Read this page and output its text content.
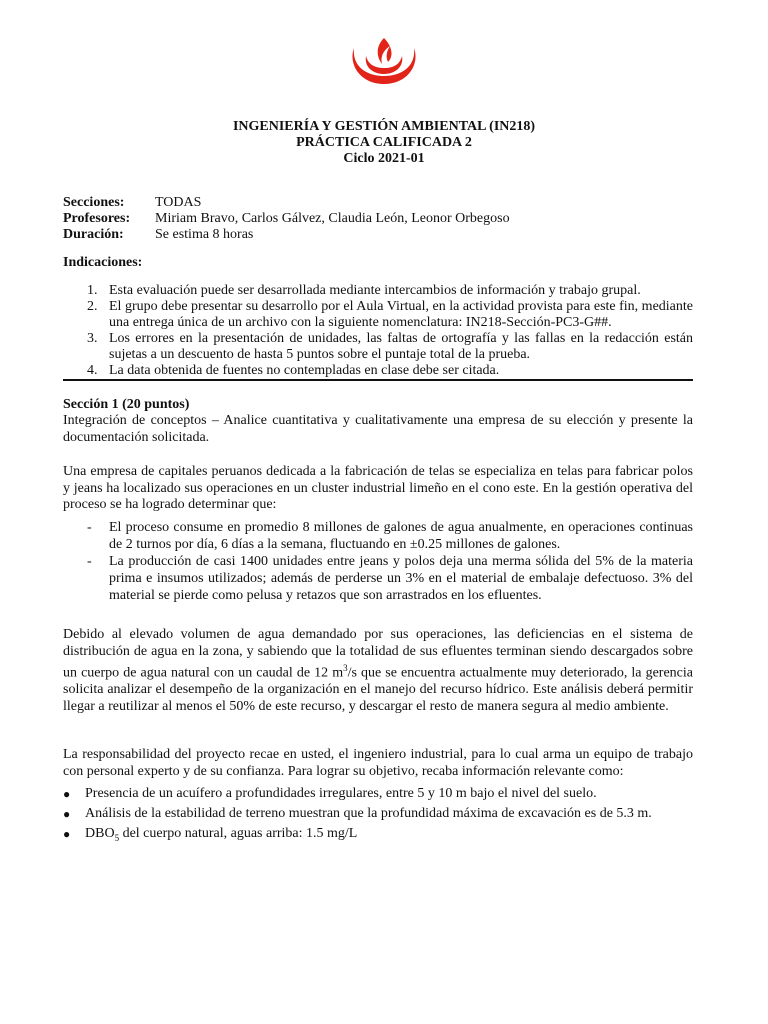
INGENIERÍA Y GESTIÓN AMBIENTAL (IN218)
PRÁCTICA CALIFICADA 2
Ciclo 2021-01
Secciones: TODAS
Profesores: Miriam Bravo, Carlos Gálvez, Claudia León, Leonor Orbegoso
Duración: Se estima 8 horas
Indicaciones:
1. Esta evaluación puede ser desarrollada mediante intercambios de información y trabajo grupal.
2. El grupo debe presentar su desarrollo por el Aula Virtual, en la actividad provista para este fin, mediante una entrega única de un archivo con la siguiente nomenclatura: IN218-Sección-PC3-G##.
3. Los errores en la presentación de unidades, las faltas de ortografía y las fallas en la redacción están sujetas a un descuento de hasta 5 puntos sobre el puntaje total de la prueba.
4. La data obtenida de fuentes no contempladas en clase debe ser citada.
Sección 1 (20 puntos)

Integración de conceptos – Analice cuantitativa y cualitativamente una empresa de su elección y presente la documentación solicitada.

Una empresa de capitales peruanos dedicada a la fabricación de telas se especializa en telas para fabricar polos y jeans ha localizado sus operaciones en un cluster industrial limeño en el cono este. En la gestión operativa del proceso se ha logrado determinar que:

- El proceso consume en promedio 8 millones de galones de agua anualmente, en operaciones continuas de 2 turnos por día, 6 días a la semana, fluctuando en ±0.25 millones de galones.
- La producción de casi 1400 unidades entre jeans y polos deja una merma sólida del 5% de la materia prima e insumos utilizados; además de perderse un 3% en el material de embalaje defectuoso. 3% del material se pierde como pelusa y retazos que son arrastrados en los efluentes.

Debido al elevado volumen de agua demandado por sus operaciones, las deficiencias en el sistema de distribución de agua en la zona, y sabiendo que la totalidad de sus efluentes terminan siendo descargados sobre un cuerpo de agua natural con un caudal de 12 $m^3/s$ que se encuentra actualmente muy deteriorado, la gerencia solicita analizar el desempeño de la organización en el manejo del recurso hídrico. Este análisis deberá permitir llegar a reutilizar al menos el 50% de este recurso, y descargar el resto de manera segura al medio ambiente.

La responsabilidad del proyecto recae en usted, el ingeniero industrial, para lo cual arma un equipo de trabajo con personal experto y de su confianza. Para lograr su objetivo, recaba información relevante como:

● Presencia de un acuífero a profundidades irregulares, entre 5 y 10 m bajo el nivel del suelo.
● Análisis de la estabilidad de terreno muestran que la profundidad máxima de excavación es de 5.3 m.
● $DBO_5$ del cuerpo natural, aguas arriba: 1.5 mg/L
